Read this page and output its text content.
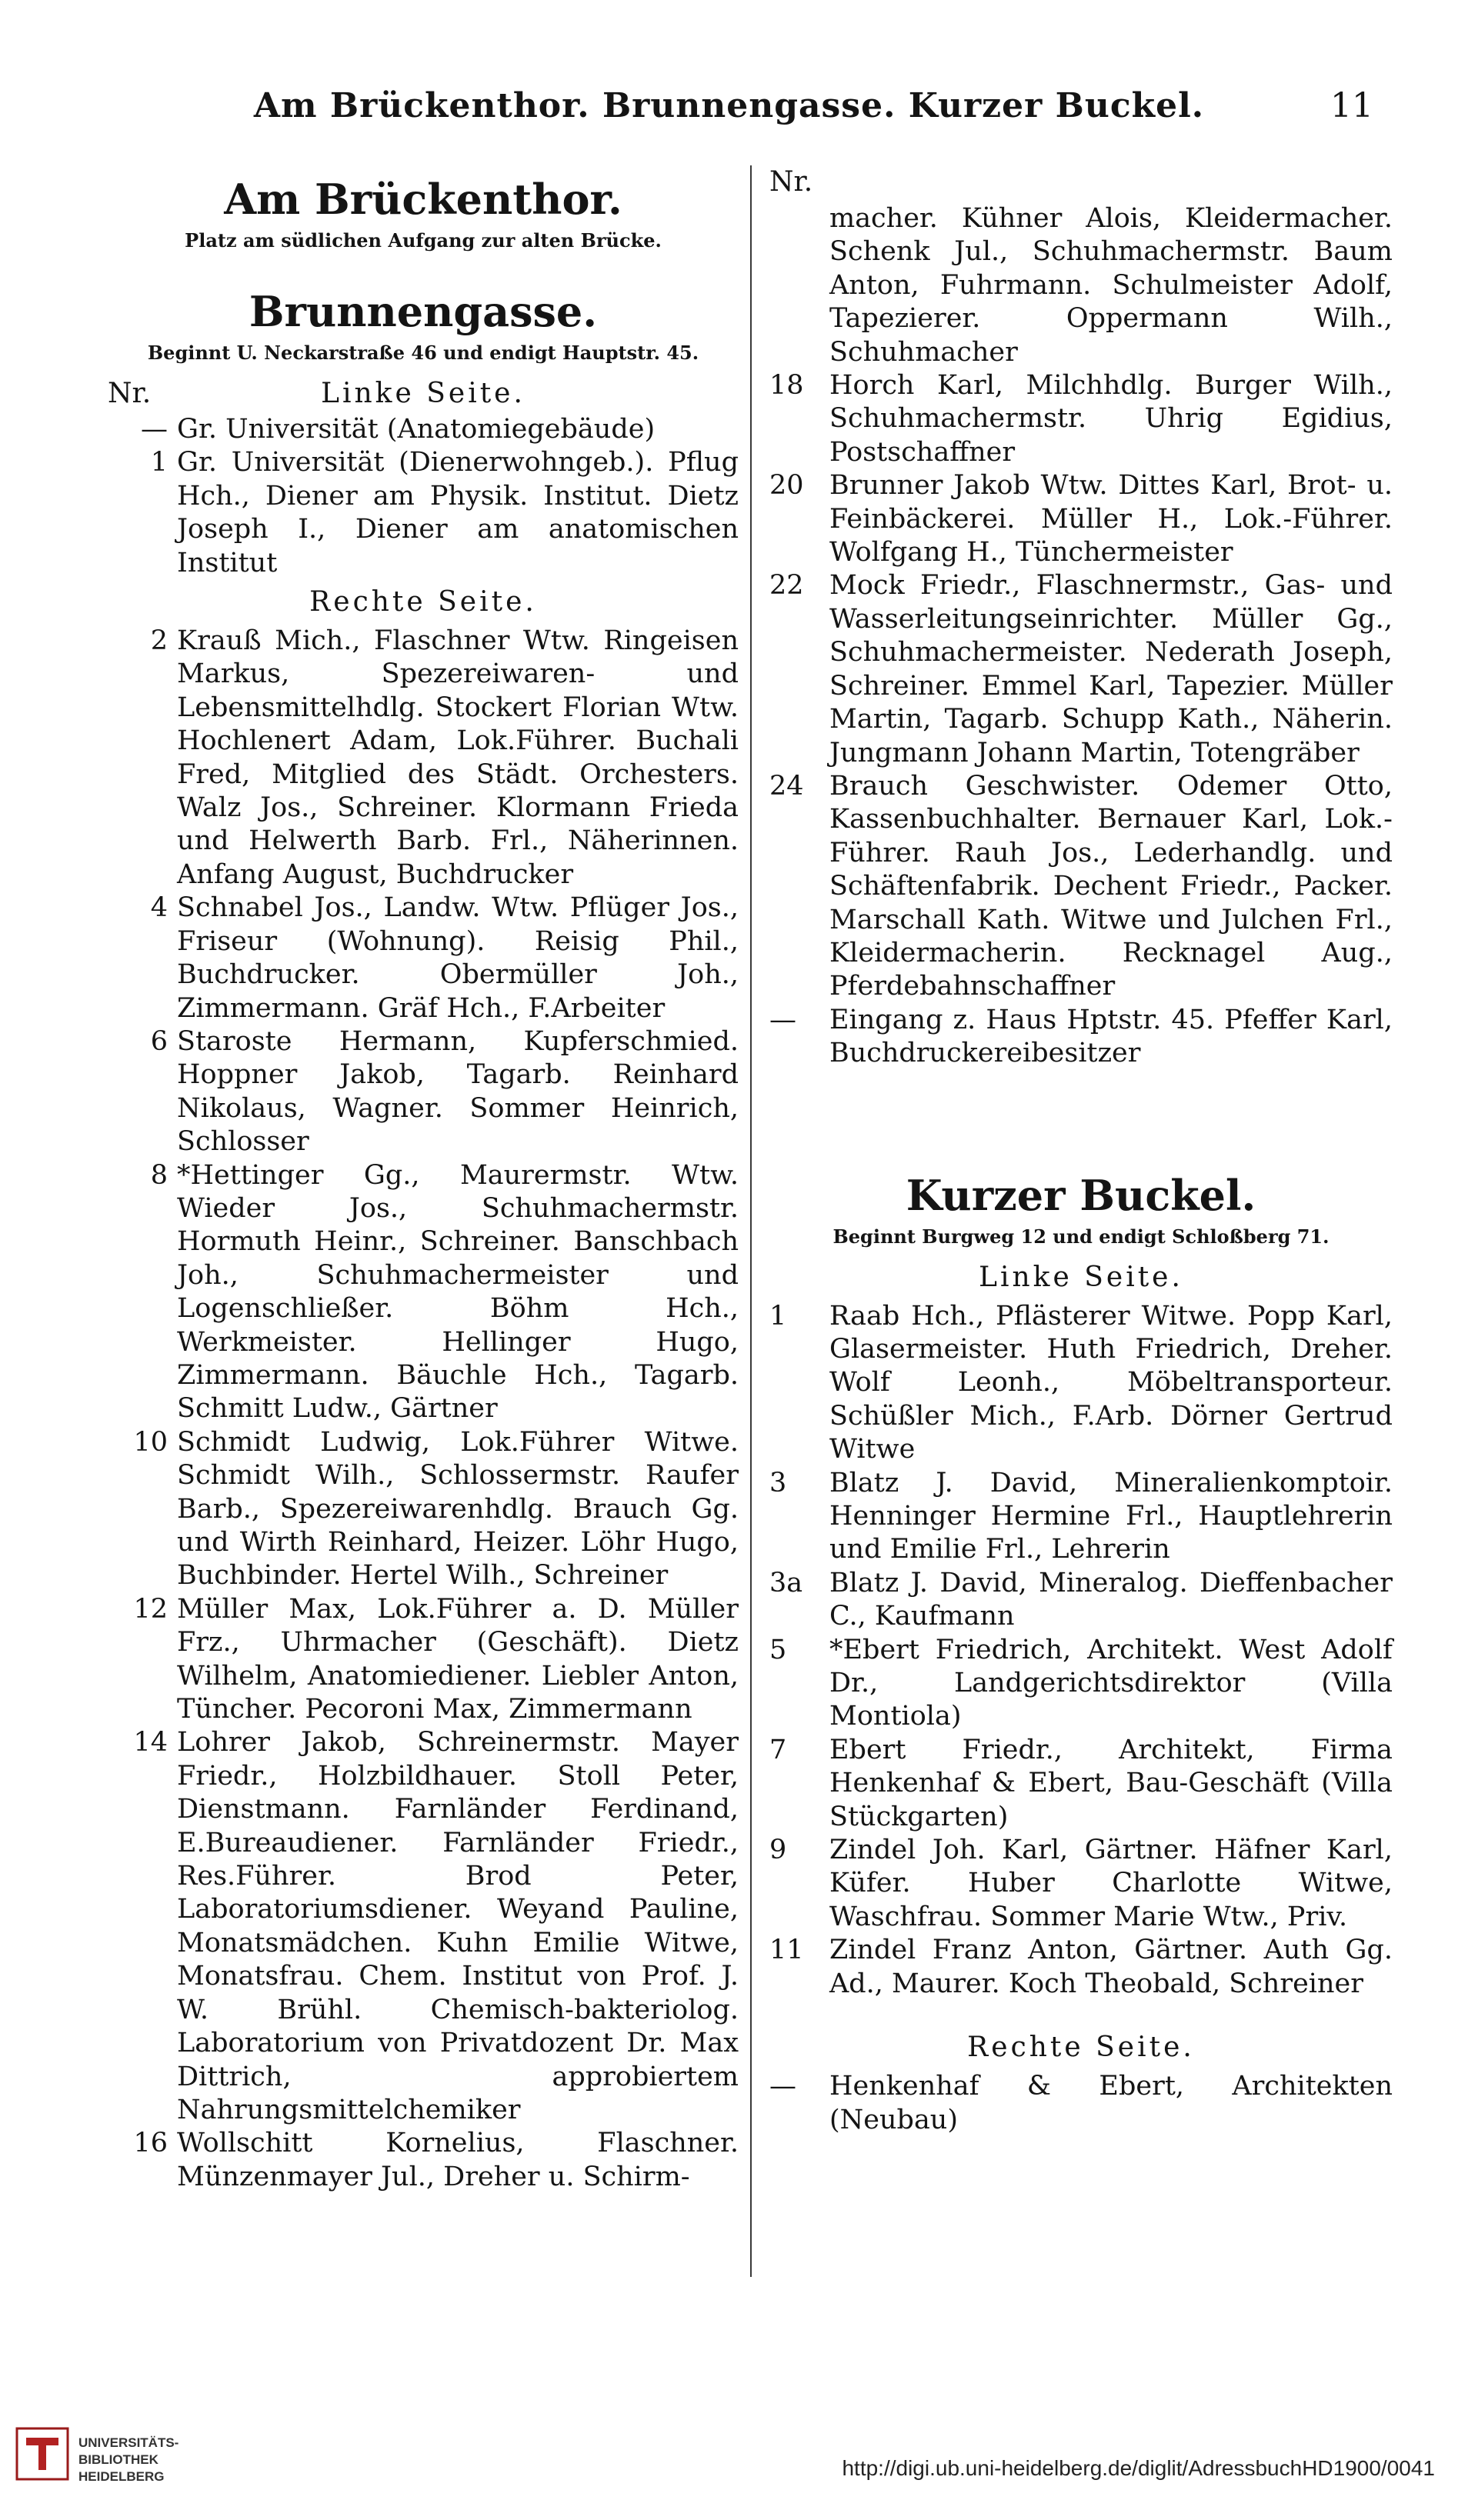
Am Brückenthor. Brunnengasse. Kurzer Buckel.	11
Am Brückenthor.
Platz am südlichen Aufgang zur alten Brücke.
Brunnengasse.
Beginnt U. Neckarstraße 46 und endigt Hauptstr. 45.
Nr.	Linke Seite.
— Gr. Universität (Anatomiegebäude)
1 Gr. Universität (Dienerwohngeb.). Pflug Hch., Diener am Physik. Institut. Dietz Joseph I., Diener am anatomischen Institut
Rechte Seite.
2 Krauß Mich., Flaschner Wtw. Ringeisen Markus, Spezereiwaren- und Lebensmittelhdlg. Stockert Florian Wtw. Hochlenert Adam, Lok.Führer. Buchali Fred, Mitglied des Städt. Orchesters. Walz Jos., Schreiner. Klormann Frieda und Helwerth Barb. Frl., Näherinnen. Anfang August, Buchdrucker
4 Schnabel Jos., Landw. Wtw. Pflüger Jos., Friseur (Wohnung). Reisig Phil., Buchdrucker. Obermüller Joh., Zimmermann. Gräf Hch., F.Arbeiter
6 Staroste Hermann, Kupferschmied. Hoppner Jakob, Tagarb. Reinhard Nikolaus, Wagner. Sommer Heinrich, Schlosser
8 *Hettinger Gg., Maurermstr. Wtw. Wieder Jos., Schuhmachermstr. Hormuth Heinr., Schreiner. Banschbach Joh., Schuhmachermeister und Logenschließer. Böhm Hch., Werkmeister. Hellinger Hugo, Zimmermann. Bäuchle Hch., Tagarb. Schmitt Ludw., Gärtner
10 Schmidt Ludwig, Lok.Führer Witwe. Schmidt Wilh., Schlossermstr. Raufer Barb., Spezereiwarenhdlg. Brauch Gg. und Wirth Reinhard, Heizer. Löhr Hugo, Buchbinder. Hertel Wilh., Schreiner
12 Müller Max, Lok.Führer a. D. Müller Frz., Uhrmacher (Geschäft). Dietz Wilhelm, Anatomiediener. Liebler Anton, Tüncher. Pecoroni Max, Zimmermann
14 Lohrer Jakob, Schreinermstr. Mayer Friedr., Holzbildhauer. Stoll Peter, Dienstmann. Farnländer Ferdinand, E.Bureaudiener. Farnländer Friedr., Res.Führer. Brod Peter, Laboratoriumsdiener. Weyand Pauline, Monatsmädchen. Kuhn Emilie Witwe, Monatsfrau. Chem. Institut von Prof. J. W. Brühl. Chemisch-bakteriolog. Laboratorium von Privatdozent Dr. Max Dittrich, approbiertem Nahrungsmittelchemiker
16 Wollschitt Kornelius, Flaschner. Münzenmayer Jul., Dreher u. Schirm-
Nr.
macher. Kühner Alois, Kleidermacher. Schenk Jul., Schuhmachermstr. Baum Anton, Fuhrmann. Schulmeister Adolf, Tapezierer. Oppermann Wilh., Schuhmacher
18 Horch Karl, Milchhdlg. Burger Wilh., Schuhmachermstr. Uhrig Egidius, Postschaffner
20 Brunner Jakob Wtw. Dittes Karl, Brot- u. Feinbäckerei. Müller H., Lok.-Führer. Wolfgang H., Tünchermeister
22 Mock Friedr., Flaschnermstr., Gas- und Wasserleitungseinrichter. Müller Gg., Schuhmachermeister. Nederath Joseph, Schreiner. Emmel Karl, Tapezier. Müller Martin, Tagarb. Schupp Kath., Näherin. Jungmann Johann Martin, Totengräber
24 Brauch Geschwister. Odemer Otto, Kassenbuchhalter. Bernauer Karl, Lok.-Führer. Rauh Jos., Lederhandlg. und Schäftenfabrik. Dechent Friedr., Packer. Marschall Kath. Witwe und Julchen Frl., Kleidermacherin. Recknagel Aug., Pferdebahnschaffner
—	Eingang z. Haus Hptstr. 45. Pfeffer Karl, Buchdruckereibesitzer
Kurzer Buckel.
Beginnt Burgweg 12 und endigt Schloßberg 71.
Linke Seite.
1	Raab Hch., Pflästerer Witwe. Popp Karl, Glasermeister. Huth Friedrich, Dreher. Wolf Leonh., Möbeltransporteur. Schüßler Mich., F.Arb. Dörner Gertrud Witwe
3	Blatz J. David, Mineralienkomptoir. Henninger Hermine Frl., Hauptlehrerin und Emilie Frl., Lehrerin
3a Blatz J. David, Mineralog. Dieffenbacher C., Kaufmann
5	*Ebert Friedrich, Architekt. West Adolf Dr., Landgerichtsdirektor (Villa Montiola)
7	Ebert Friedr., Architekt, Firma Henkenhaf & Ebert, Bau-Geschäft (Villa Stückgarten)
9	Zindel Joh. Karl, Gärtner. Häfner Karl, Küfer. Huber Charlotte Witwe, Waschfrau. Sommer Marie Wtw., Priv.
11 Zindel Franz Anton, Gärtner. Auth Gg. Ad., Maurer. Koch Theobald, Schreiner
Rechte Seite.
—	Henkenhaf & Ebert, Architekten (Neubau)
UNIVERSITÄTS-
BIBLIOTHEK
HEIDELBERG	http://digi.ub.uni-heidelberg.de/diglit/AdressbuchHD1900/0041
